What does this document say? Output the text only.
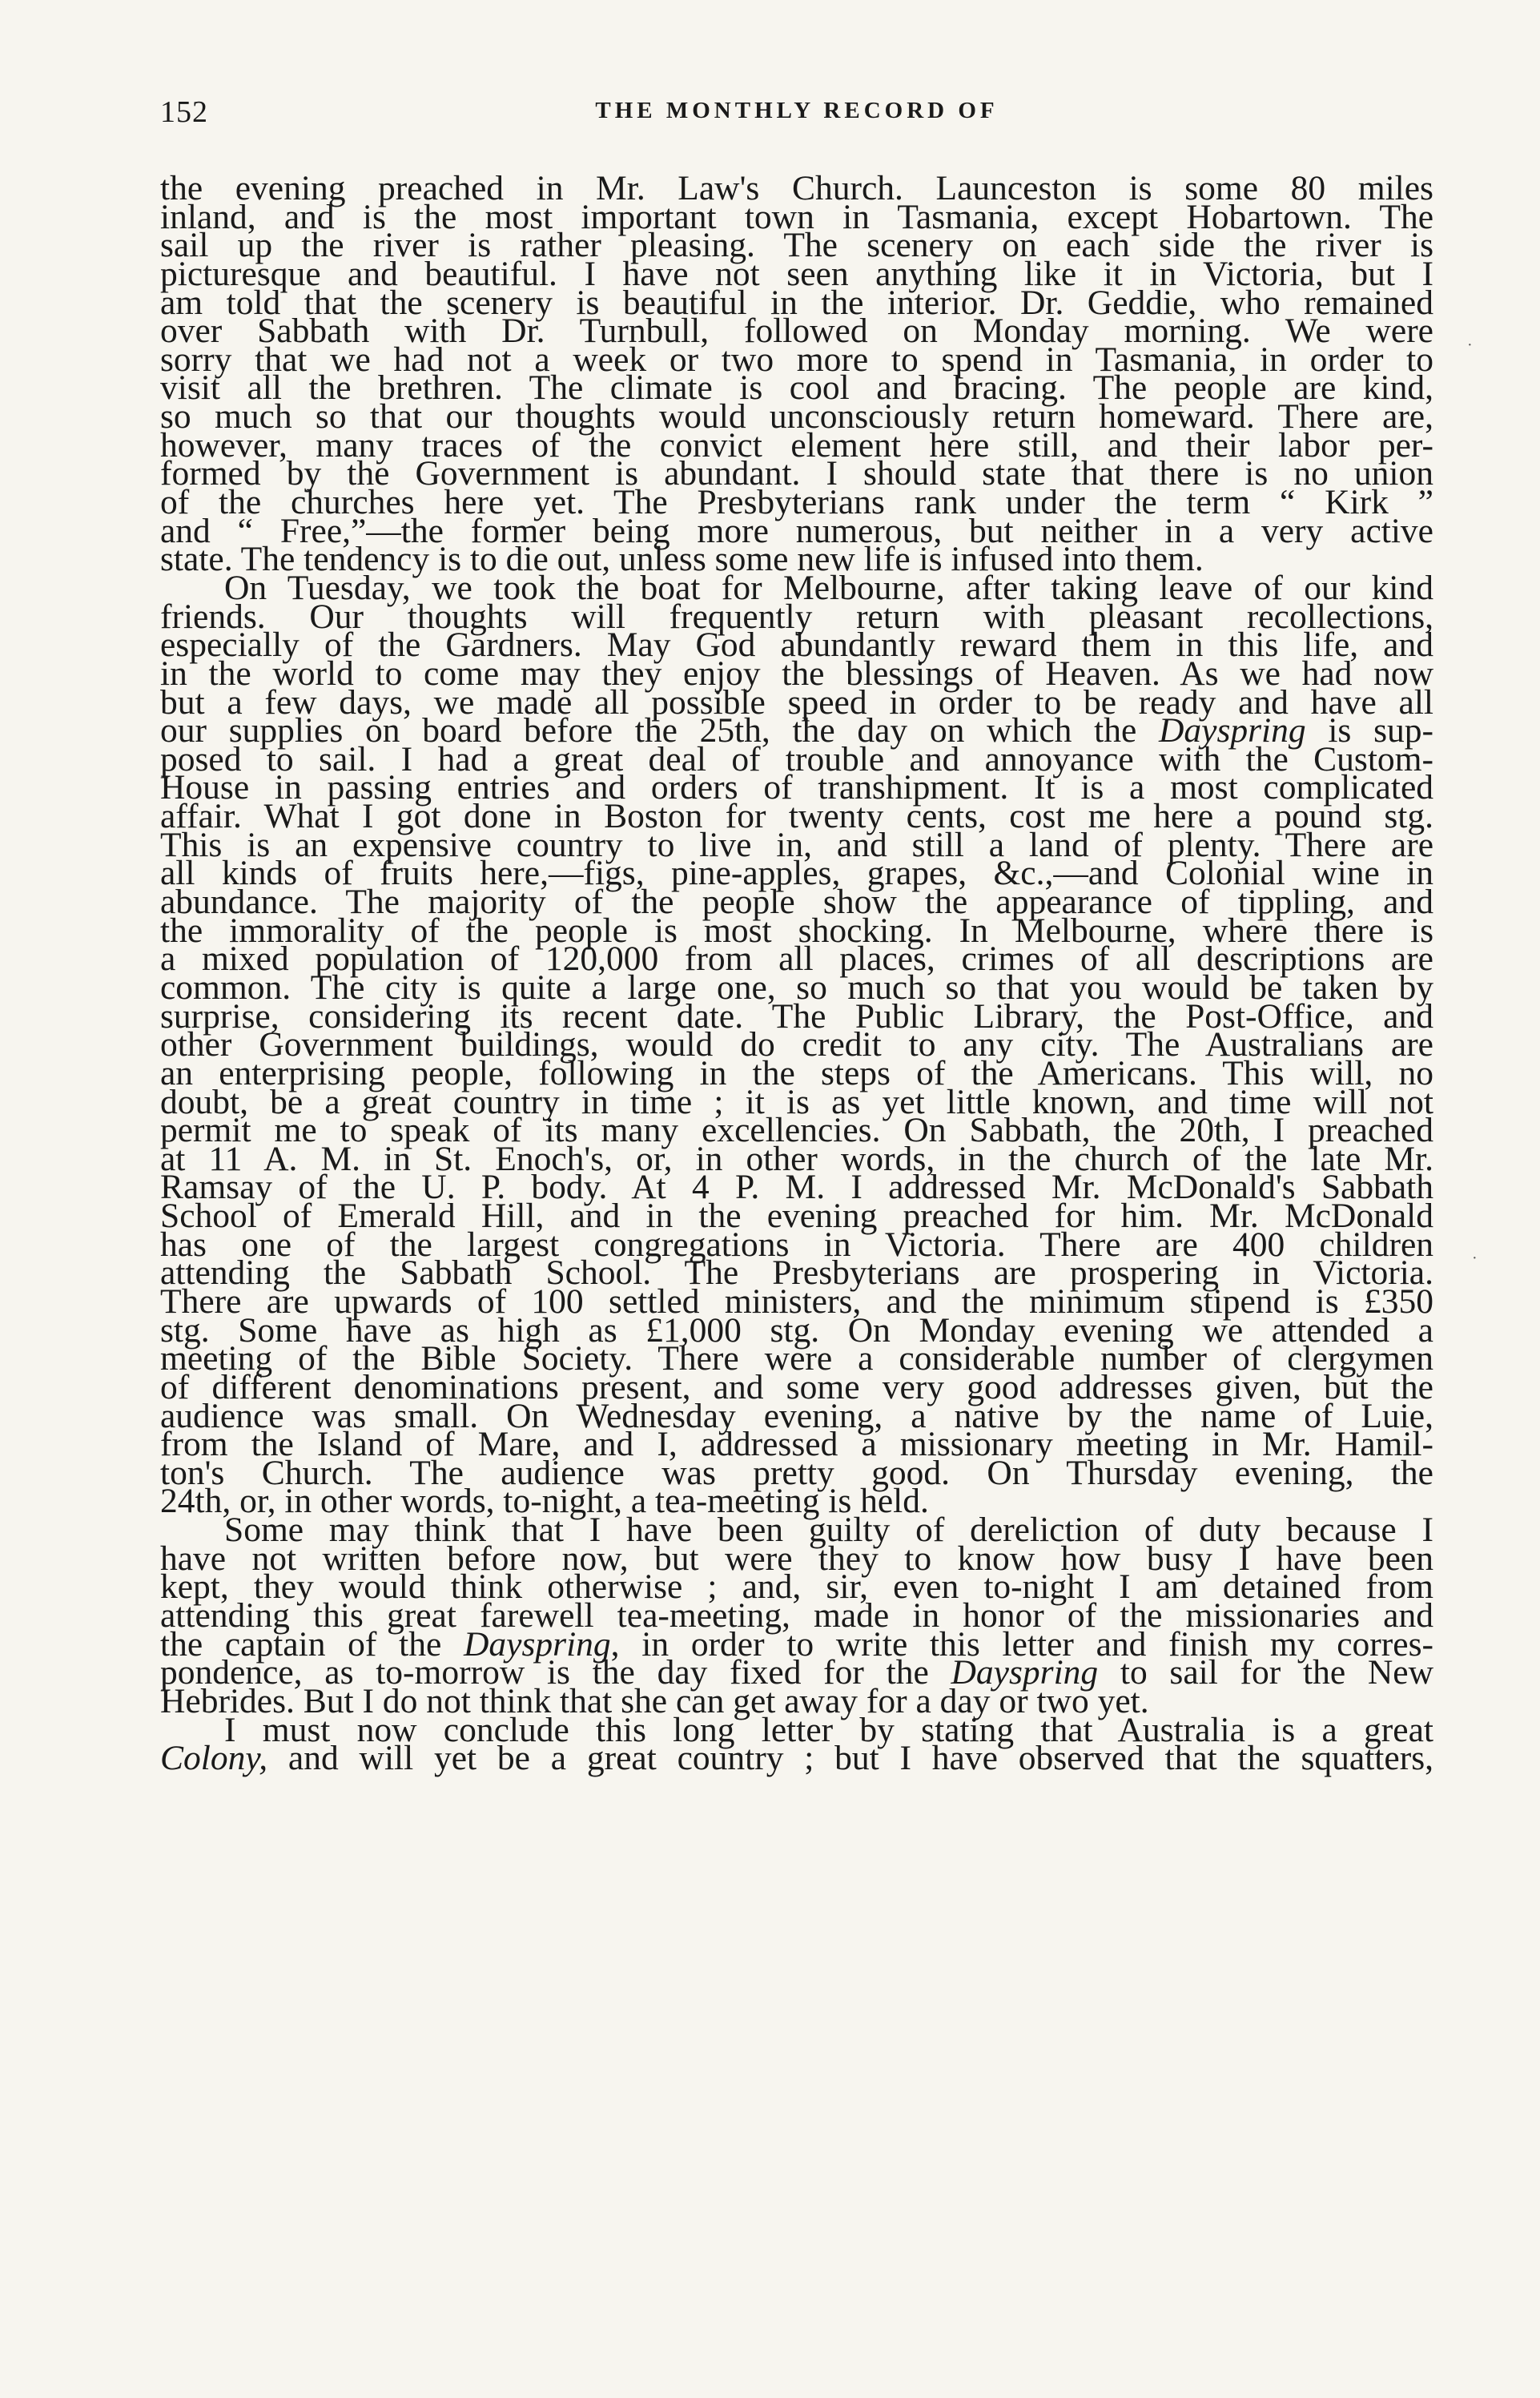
152	THE MONTHLY RECORD OF
the evening preached in Mr. Law's Church. Launceston is some 80 miles
inland, and is the most important town in Tasmania, except Hobartown. The
sail up the river is rather pleasing. The scenery on each side the river is
picturesque and beautiful. I have not seen anything like it in Victoria, but I
am told that the scenery is beautiful in the interior. Dr. Geddie, who remained
over Sabbath with Dr. Turnbull, followed on Monday morning. We were
sorry that we had not a week or two more to spend in Tasmania, in order to
visit all the brethren. The climate is cool and bracing. The people are kind,
so much so that our thoughts would unconsciously return homeward. There are,
however, many traces of the convict element here still, and their labor per-
formed by the Government is abundant. I should state that there is no union
of the churches here yet. The Presbyterians rank under the term “ Kirk ”
and “ Free,”—the former being more numerous, but neither in a very active
state. The tendency is to die out, unless some new life is infused into them.
On Tuesday, we took the boat for Melbourne, after taking leave of our kind
friends. Our thoughts will frequently return with pleasant recollections,
especially of the Gardners. May God abundantly reward them in this life, and
in the world to come may they enjoy the blessings of Heaven. As we had now
but a few days, we made all possible speed in order to be ready and have all
our supplies on board before the 25th, the day on which the Dayspring is sup-
posed to sail. I had a great deal of trouble and annoyance with the Custom-
House in passing entries and orders of transhipment. It is a most complicated
affair. What I got done in Boston for twenty cents, cost me here a pound stg.
This is an expensive country to live in, and still a land of plenty. There are
all kinds of fruits here,—figs, pine-apples, grapes, &c.,—and Colonial wine in
abundance. The majority of the people show the appearance of tippling, and
the immorality of the people is most shocking. In Melbourne, where there is
a mixed population of 120,000 from all places, crimes of all descriptions are
common. The city is quite a large one, so much so that you would be taken by
surprise, considering its recent date. The Public Library, the Post-Office, and
other Government buildings, would do credit to any city. The Australians are
an enterprising people, following in the steps of the Americans. This will, no
doubt, be a great country in time ; it is as yet little known, and time will not
permit me to speak of its many excellencies. On Sabbath, the 20th, I preached
at 11 A. M. in St. Enoch's, or, in other words, in the church of the late Mr.
Ramsay of the U. P. body. At 4 P. M. I addressed Mr. McDonald's Sabbath
School of Emerald Hill, and in the evening preached for him. Mr. McDonald
has one of the largest congregations in Victoria. There are 400 children
attending the Sabbath School. The Presbyterians are prospering in Victoria.
There are upwards of 100 settled ministers, and the minimum stipend is £350
stg. Some have as high as £1,000 stg. On Monday evening we attended a
meeting of the Bible Society. There were a considerable number of clergymen
of different denominations present, and some very good addresses given, but the
audience was small. On Wednesday evening, a native by the name of Luie,
from the Island of Mare, and I, addressed a missionary meeting in Mr. Hamil-
ton's Church. The audience was pretty good. On Thursday evening, the
24th, or, in other words, to-night, a tea-meeting is held.
Some may think that I have been guilty of dereliction of duty because I
have not written before now, but were they to know how busy I have been
kept, they would think otherwise ; and, sir, even to-night I am detained from
attending this great farewell tea-meeting, made in honor of the missionaries and
the captain of the Dayspring, in order to write this letter and finish my corres-
pondence, as to-morrow is the day fixed for the Dayspring to sail for the New
Hebrides. But I do not think that she can get away for a day or two yet.
I must now conclude this long letter by stating that Australia is a great
Colony, and will yet be a great country ; but I have observed that the squatters,
·
·
